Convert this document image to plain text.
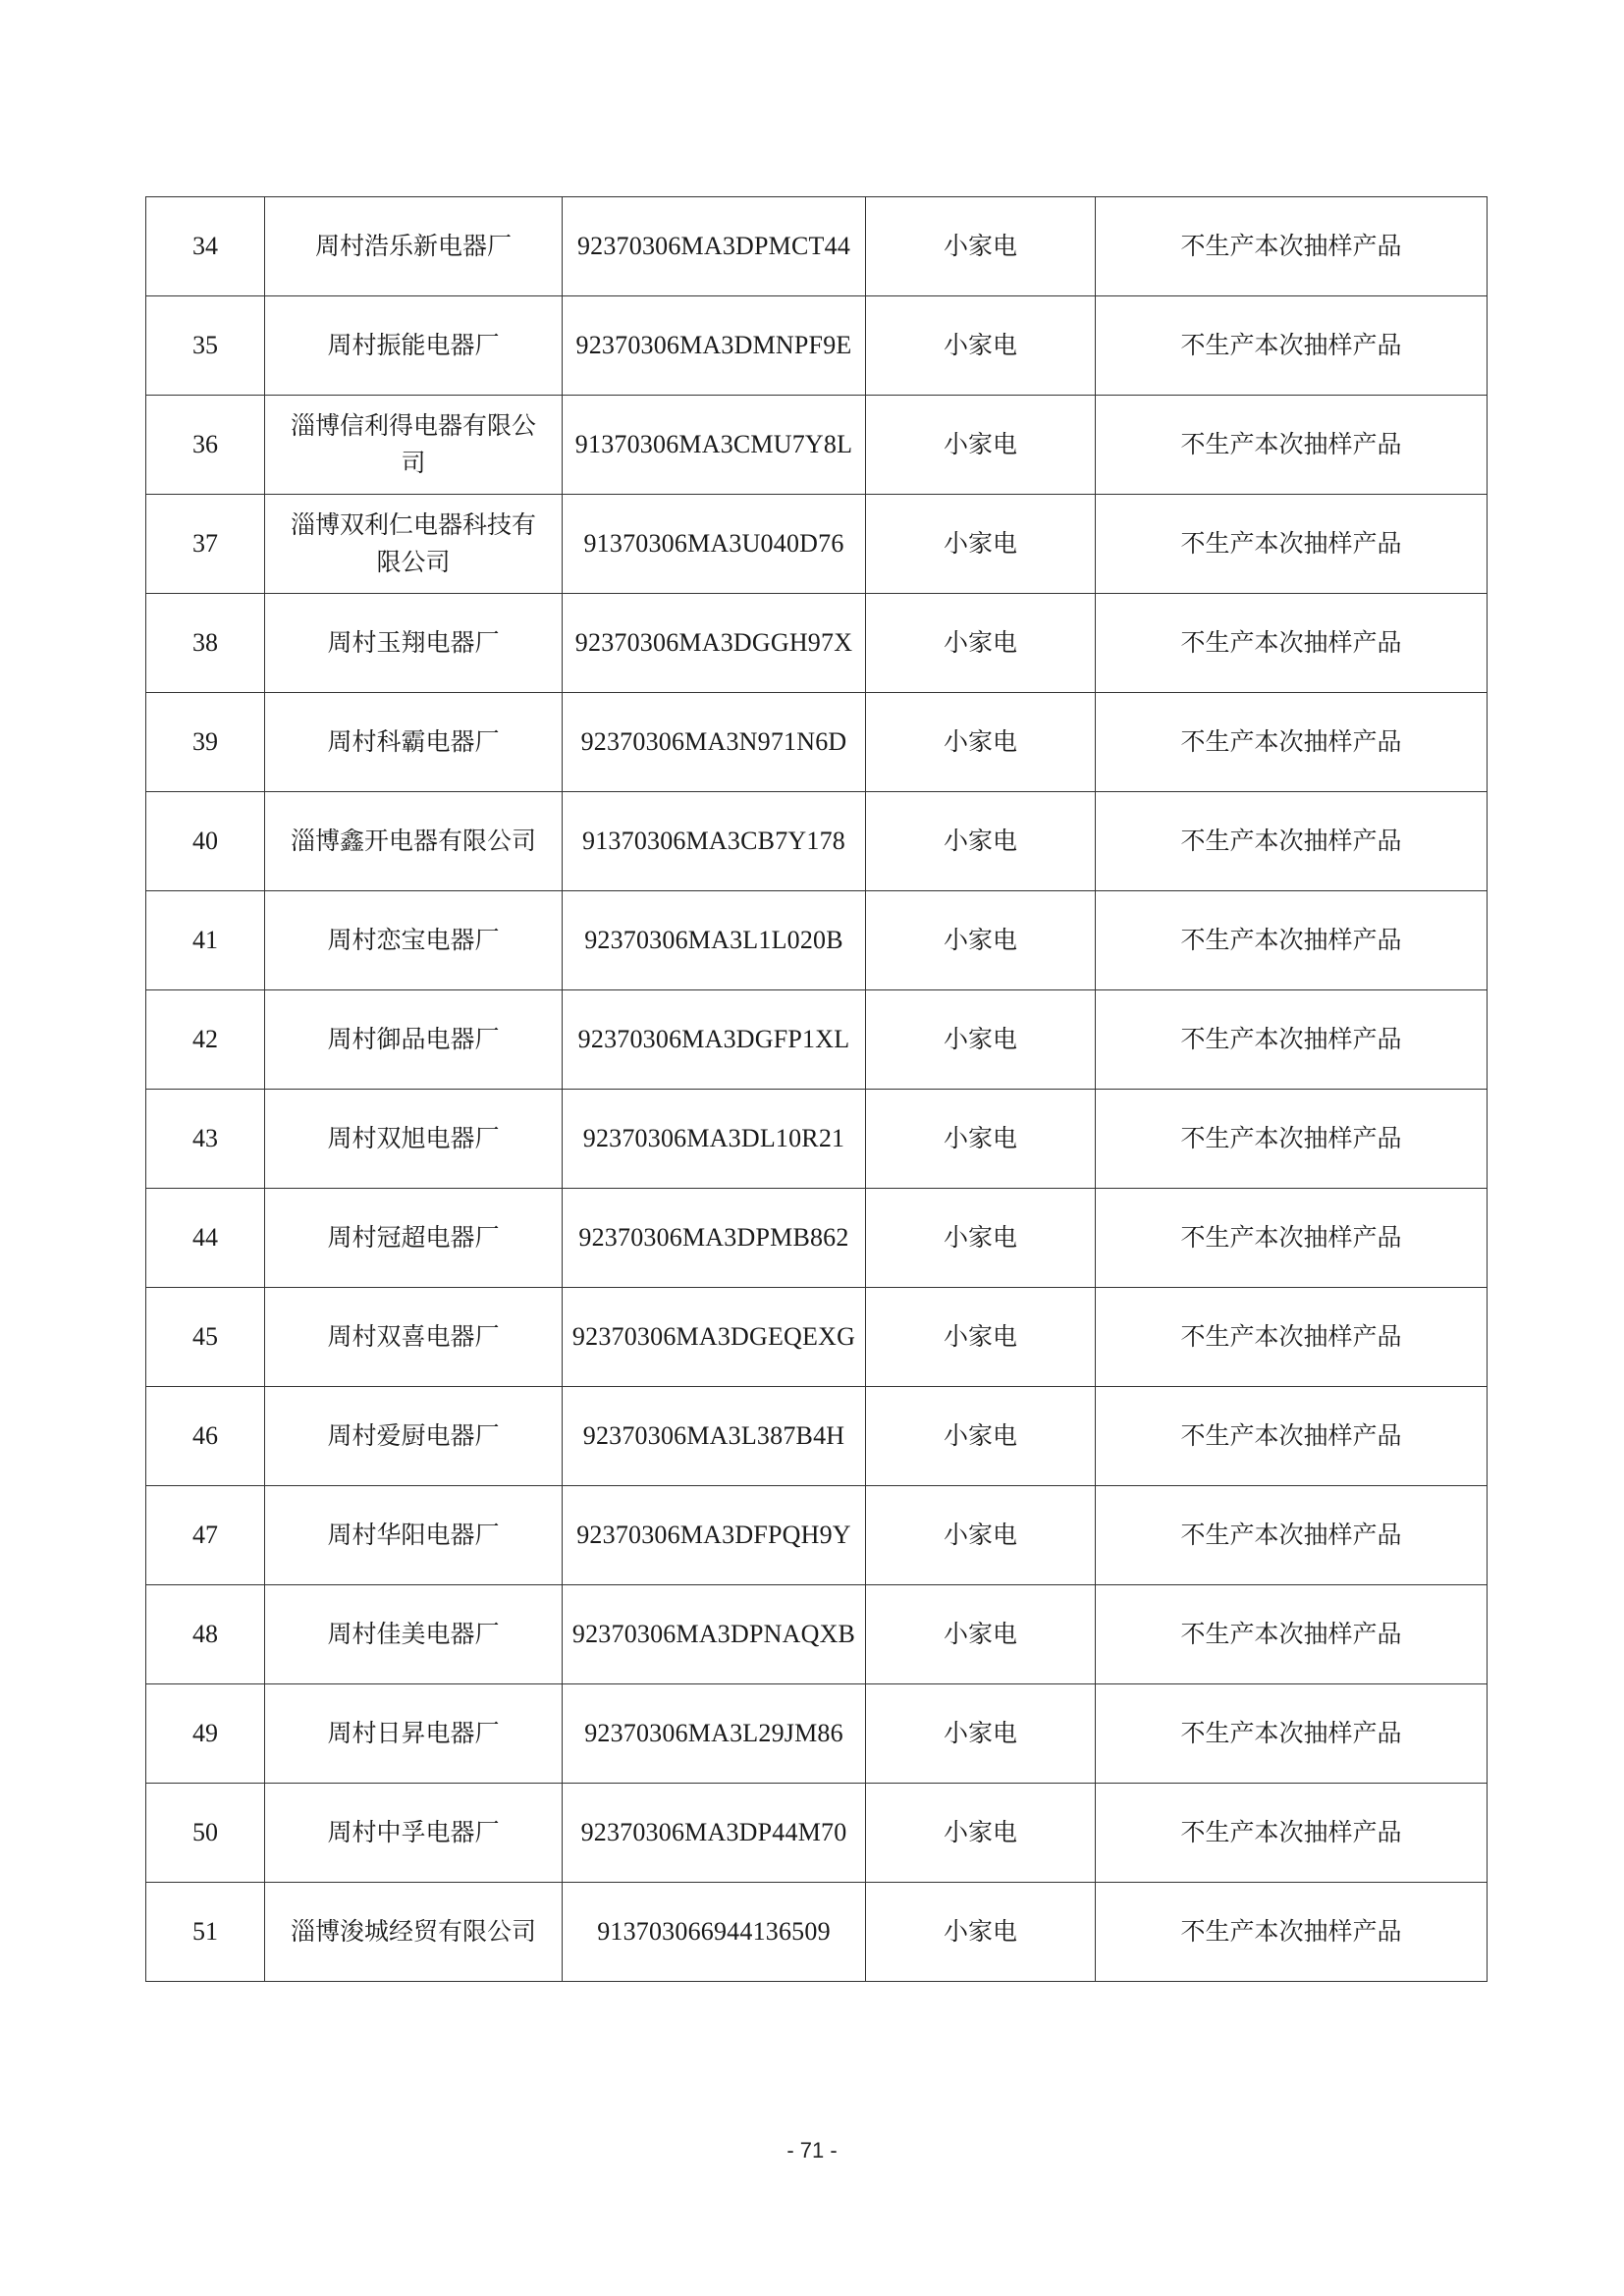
34	周村浩乐新电器厂	92370306MA3DPMCT44	小家电	不生产本次抽样产品
35	周村振能电器厂	92370306MA3DMNPF9E	小家电	不生产本次抽样产品
36	淄博信利得电器有限公司	91370306MA3CMU7Y8L	小家电	不生产本次抽样产品
37	淄博双利仁电器科技有限公司	91370306MA3U040D76	小家电	不生产本次抽样产品
38	周村玉翔电器厂	92370306MA3DGGH97X	小家电	不生产本次抽样产品
39	周村科霸电器厂	92370306MA3N971N6D	小家电	不生产本次抽样产品
40	淄博鑫开电器有限公司	91370306MA3CB7Y178	小家电	不生产本次抽样产品
41	周村恋宝电器厂	92370306MA3L1L020B	小家电	不生产本次抽样产品
42	周村御品电器厂	92370306MA3DGFP1XL	小家电	不生产本次抽样产品
43	周村双旭电器厂	92370306MA3DL10R21	小家电	不生产本次抽样产品
44	周村冠超电器厂	92370306MA3DPMB862	小家电	不生产本次抽样产品
45	周村双喜电器厂	92370306MA3DGEQEXG	小家电	不生产本次抽样产品
46	周村爱厨电器厂	92370306MA3L387B4H	小家电	不生产本次抽样产品
47	周村华阳电器厂	92370306MA3DFPQH9Y	小家电	不生产本次抽样产品
48	周村佳美电器厂	92370306MA3DPNAQXB	小家电	不生产本次抽样产品
49	周村日昇电器厂	92370306MA3L29JM86	小家电	不生产本次抽样产品
50	周村中孚电器厂	92370306MA3DP44M70	小家电	不生产本次抽样产品
51	淄博浚城经贸有限公司	913703066944136509	小家电	不生产本次抽样产品
- 71 -
